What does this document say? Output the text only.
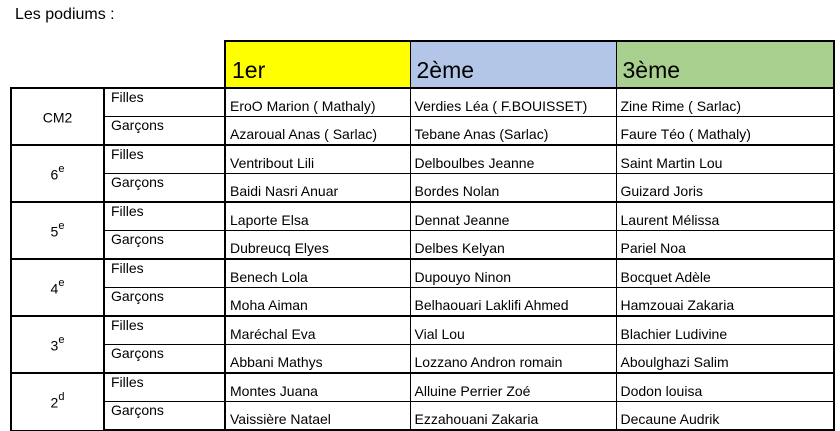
Les podiums :
		1er	2ème	3ème
CM2	Filles	EroO Marion ( Mathaly)	Verdies Léa ( F.BOUISSET)	Zine Rime ( Sarlac)
	Garçons	Azaroual Anas ( Sarlac)	Tebane Anas (Sarlac)	Faure Téo ( Mathaly)
6e	Filles	Ventribout Lili	Delboulbes Jeanne	Saint Martin Lou
	Garçons	Baidi Nasri Anuar	Bordes Nolan	Guizard Joris
5e	Filles	Laporte Elsa	Dennat Jeanne	Laurent Mélissa
	Garçons	Dubreucq Elyes	Delbes Kelyan	Pariel Noa
4e	Filles	Benech Lola	Dupouyo Ninon	Bocquet Adèle
	Garçons	Moha Aiman	Belhaouari Laklifi Ahmed	Hamzouai Zakaria
3e	Filles	Maréchal Eva	Vial Lou	Blachier Ludivine
	Garçons	Abbani Mathys	Lozzano Andron romain	Aboulghazi Salim
2$^d$	Filles	Montes Juana	Alluine Perrier Zoé	Dodon louisa
	Garçons	Vaissière Natael	Ezzahouani Zakaria	Decaune Audrik
